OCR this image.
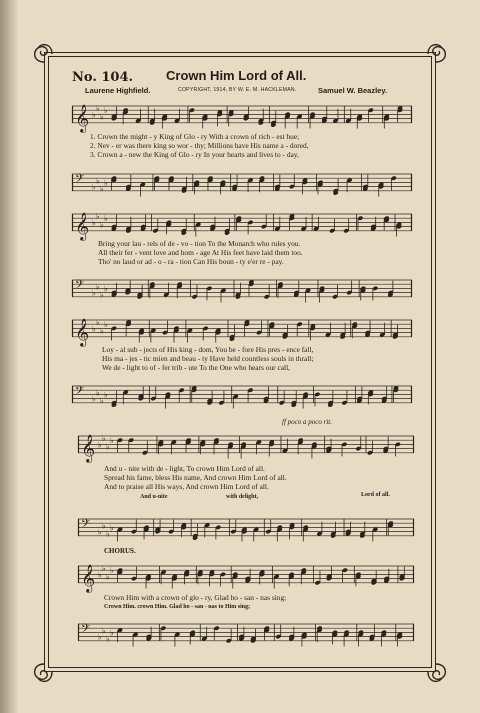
No. 104.	Crown Him Lord of All.
Laurene Highfield.	COPYRIGHT, 1914, BY W. E. M. HACKLEMAN.	Samuel W. Beazley.
𝄞 ♭
♭
♭
♭
1. Crown the might - y King of Glo - ry With a crown of rich - est hue;
2. Nev - er was there king so wor - thy; Millions have His name a - dored,
3. Crown a - new the King of Glo - ry In your hearts and lives to - day,
𝄢 ♭
♭
♭
♭
𝄞 ♭
♭
♭
♭
Bring your lau - rels of de - vo - tion To the Monarch who rules you.
All their fer - vent love and hom - age At His feet have laid them too.
Tho' no laud or ad - o - ra - tion Can His boun - ty e'er re - pay.
𝄢 ♭
♭
♭
♭
𝄞 ♭
♭
♭
♭
Loy - al sub - jects of His king - dom, You be - fore His pres - ence fall,
His ma - jes - tic mien and beau - ty Have held countless souls in thrall;
We de - light to of - fer trib - ute To the One who hears our call,
𝄢 ♭
♭
♭
♭
ff poco a poco rit.
𝄞 ♭
♭
♭
♭
And u - nite with de - light, To crown Him Lord of all.
Spread his fame, bless His name, And crown Him Lord of all.
And to praise all His ways, And crown Him Lord of all.
And u-nite	with delight,	Lord of all.
𝄢 ♭
♭
♭
♭
CHORUS.
𝄞 ♭
♭
♭
♭
Crown Him with a crown of glo - ry, Glad ho - san - nas sing;
Crown Him. crown Him. Glad ho - san - nas to Him sing;
𝄢 ♭
♭
♭
♭
